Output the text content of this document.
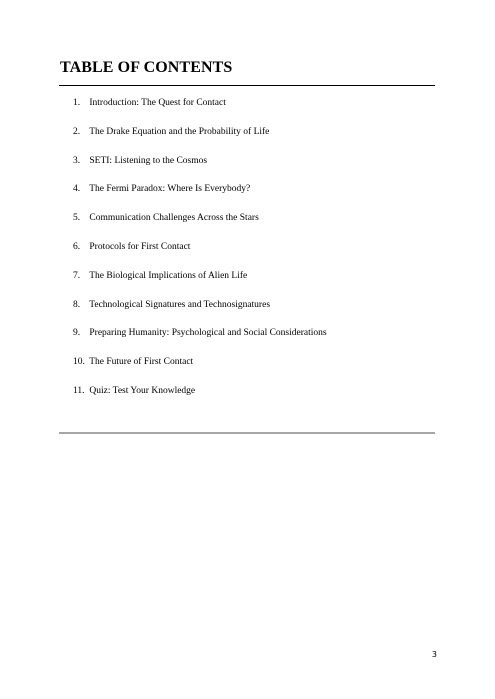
TABLE OF CONTENTS
1. Introduction: The Quest for Contact
2. The Drake Equation and the Probability of Life
3. SETI: Listening to the Cosmos
4. The Fermi Paradox: Where Is Everybody?
5. Communication Challenges Across the Stars
6. Protocols for First Contact
7. The Biological Implications of Alien Life
8. Technological Signatures and Technosignatures
9. Preparing Humanity: Psychological and Social Considerations
10. The Future of First Contact
11. Quiz: Test Your Knowledge
3
